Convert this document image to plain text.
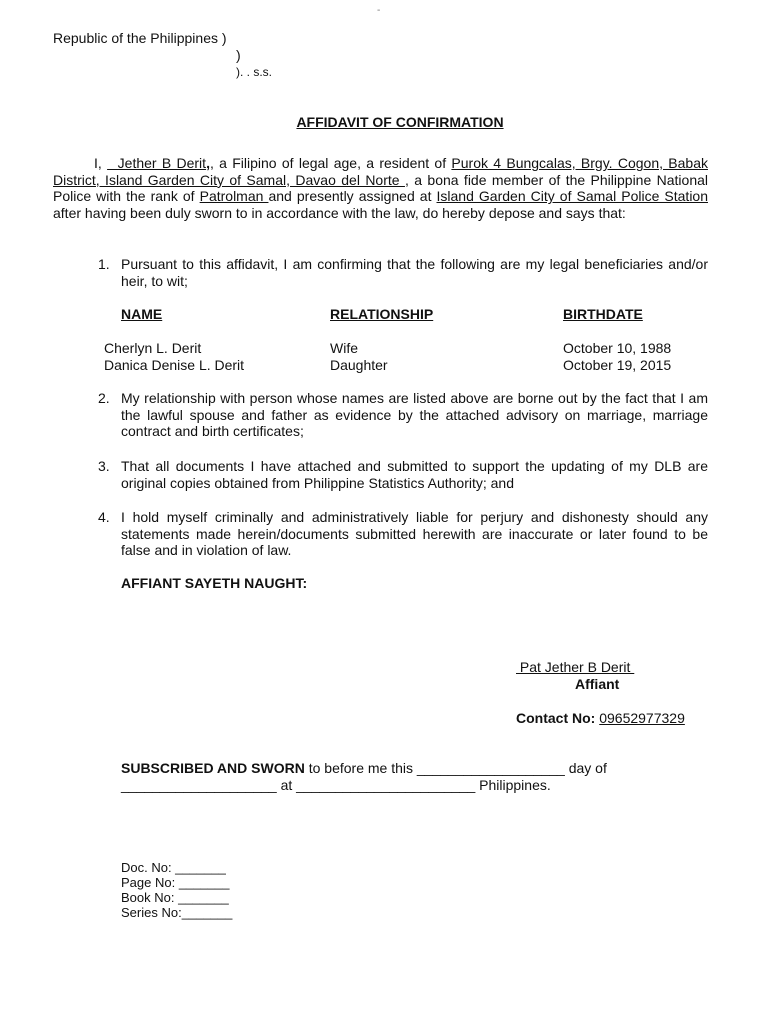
-
Republic of the Philippines )
)
). . s.s.
AFFIDAVIT OF CONFIRMATION
I,   Jether B Derit,, a Filipino of legal age, a resident of Purok 4 Bungcalas, Brgy. Cogon, Babak District, Island Garden City of Samal, Davao del Norte , a bona fide member of the Philippine National Police with the rank of Patrolman and presently assigned at Island Garden City of Samal Police Station after having been duly sworn to in accordance with the law, do hereby depose and says that:
1. Pursuant to this affidavit, I am confirming that the following are my legal beneficiaries and/or heir, to wit;
NAME	RELATIONSHIP	BIRTHDATE
Cherlyn L. Derit	Wife	October 10, 1988
Danica Denise L. Derit	Daughter	October 19, 2015
2. My relationship with person whose names are listed above are borne out by the fact that I am the lawful spouse and father as evidence by the attached advisory on marriage, marriage contract and birth certificates;
3. That all documents I have attached and submitted to support the updating of my DLB are original copies obtained from Philippine Statistics Authority; and
4. I hold myself criminally and administratively liable for perjury and dishonesty should any statements made herein/documents submitted herewith are inaccurate or later found to be false and in violation of law.
AFFIANT SAYETH NAUGHT:
Pat Jether B Derit
Affiant
Contact No: 09652977329
SUBSCRIBED AND SWORN to before me this ___________________ day of
____________________ at _______________________ Philippines.
Doc. No: _______
Page No: _______
Book No: _______
Series No:_______
